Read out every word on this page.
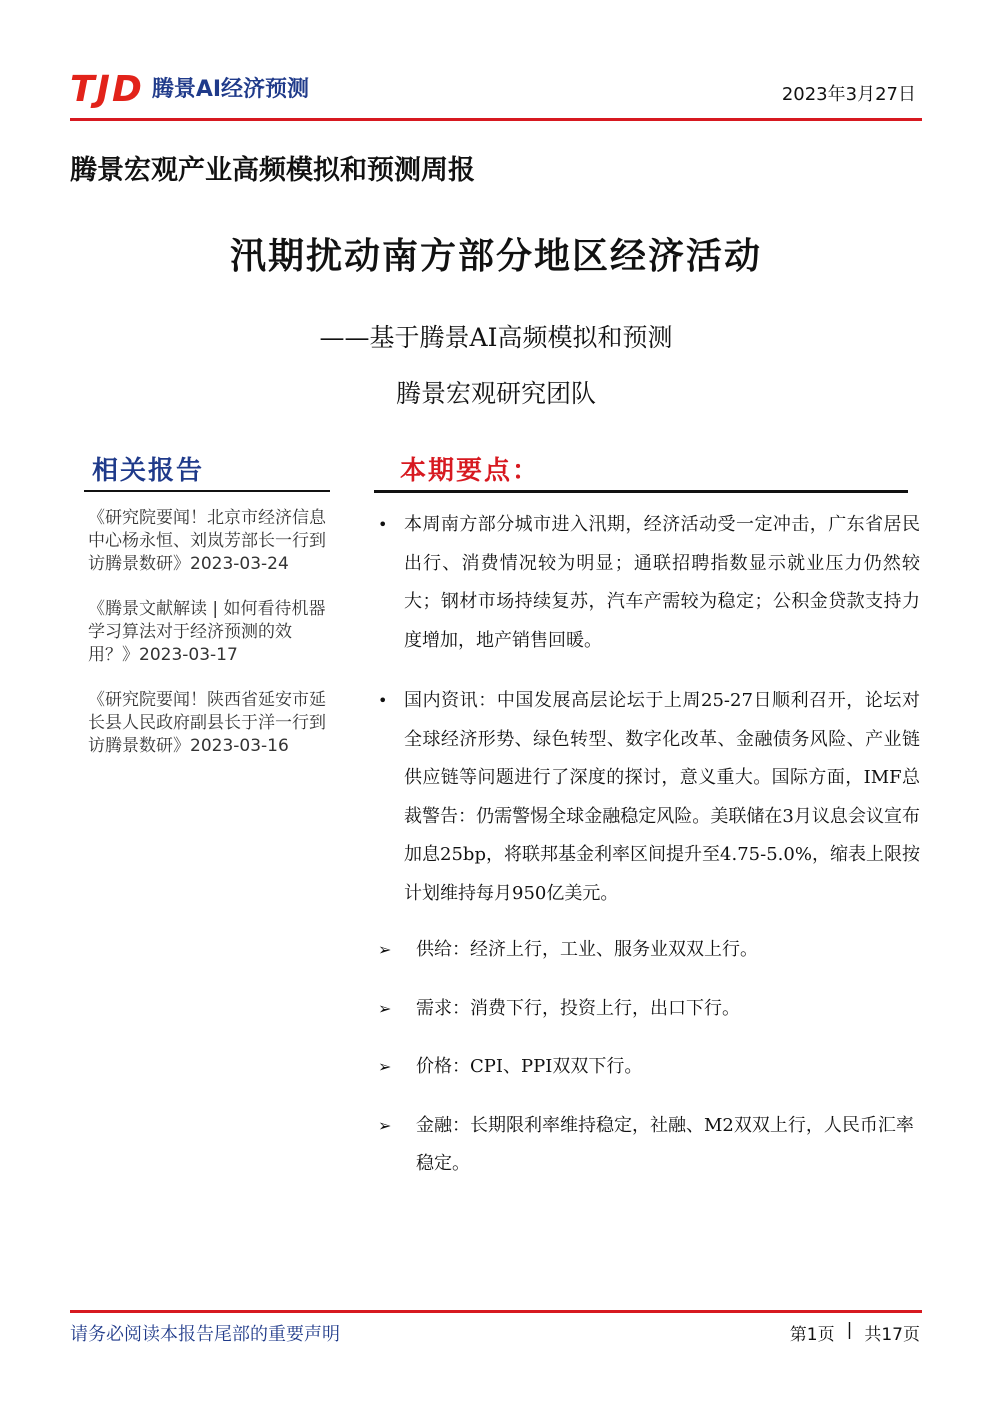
TJD 腾景AI经济预测	2023年3月27日
腾景宏观产业高频模拟和预测周报
汛期扰动南方部分地区经济活动
——基于腾景AI高频模拟和预测
腾景宏观研究团队
相关报告
《研究院要闻！北京市经济信息中心杨永恒、刘岚芳部长一行到访腾景数研》2023-03-24
《腾景文献解读 | 如何看待机器学习算法对于经济预测的效用？》2023-03-17
《研究院要闻！陕西省延安市延长县人民政府副县长于洋一行到访腾景数研》2023-03-16
本期要点：
• 本周南方部分城市进入汛期，经济活动受一定冲击，广东省居民出行、消费情况较为明显；通联招聘指数显示就业压力仍然较大；钢材市场持续复苏，汽车产需较为稳定；公积金贷款支持力度增加，地产销售回暖。
• 国内资讯：中国发展高层论坛于上周25-27日顺利召开，论坛对全球经济形势、绿色转型、数字化改革、金融债务风险、产业链供应链等问题进行了深度的探讨，意义重大。国际方面，IMF总裁警告：仍需警惕全球金融稳定风险。美联储在3月议息会议宣布加息25bp，将联邦基金利率区间提升至4.75-5.0%，缩表上限按计划维持每月950亿美元。
➢ 供给：经济上行，工业、服务业双双上行。
➢ 需求：消费下行，投资上行，出口下行。
➢ 价格：CPI、PPI双双下行。
➢ 金融：长期限利率维持稳定，社融、M2双双上行，人民币汇率稳定。
请务必阅读本报告尾部的重要声明	第1页 | 共17页
